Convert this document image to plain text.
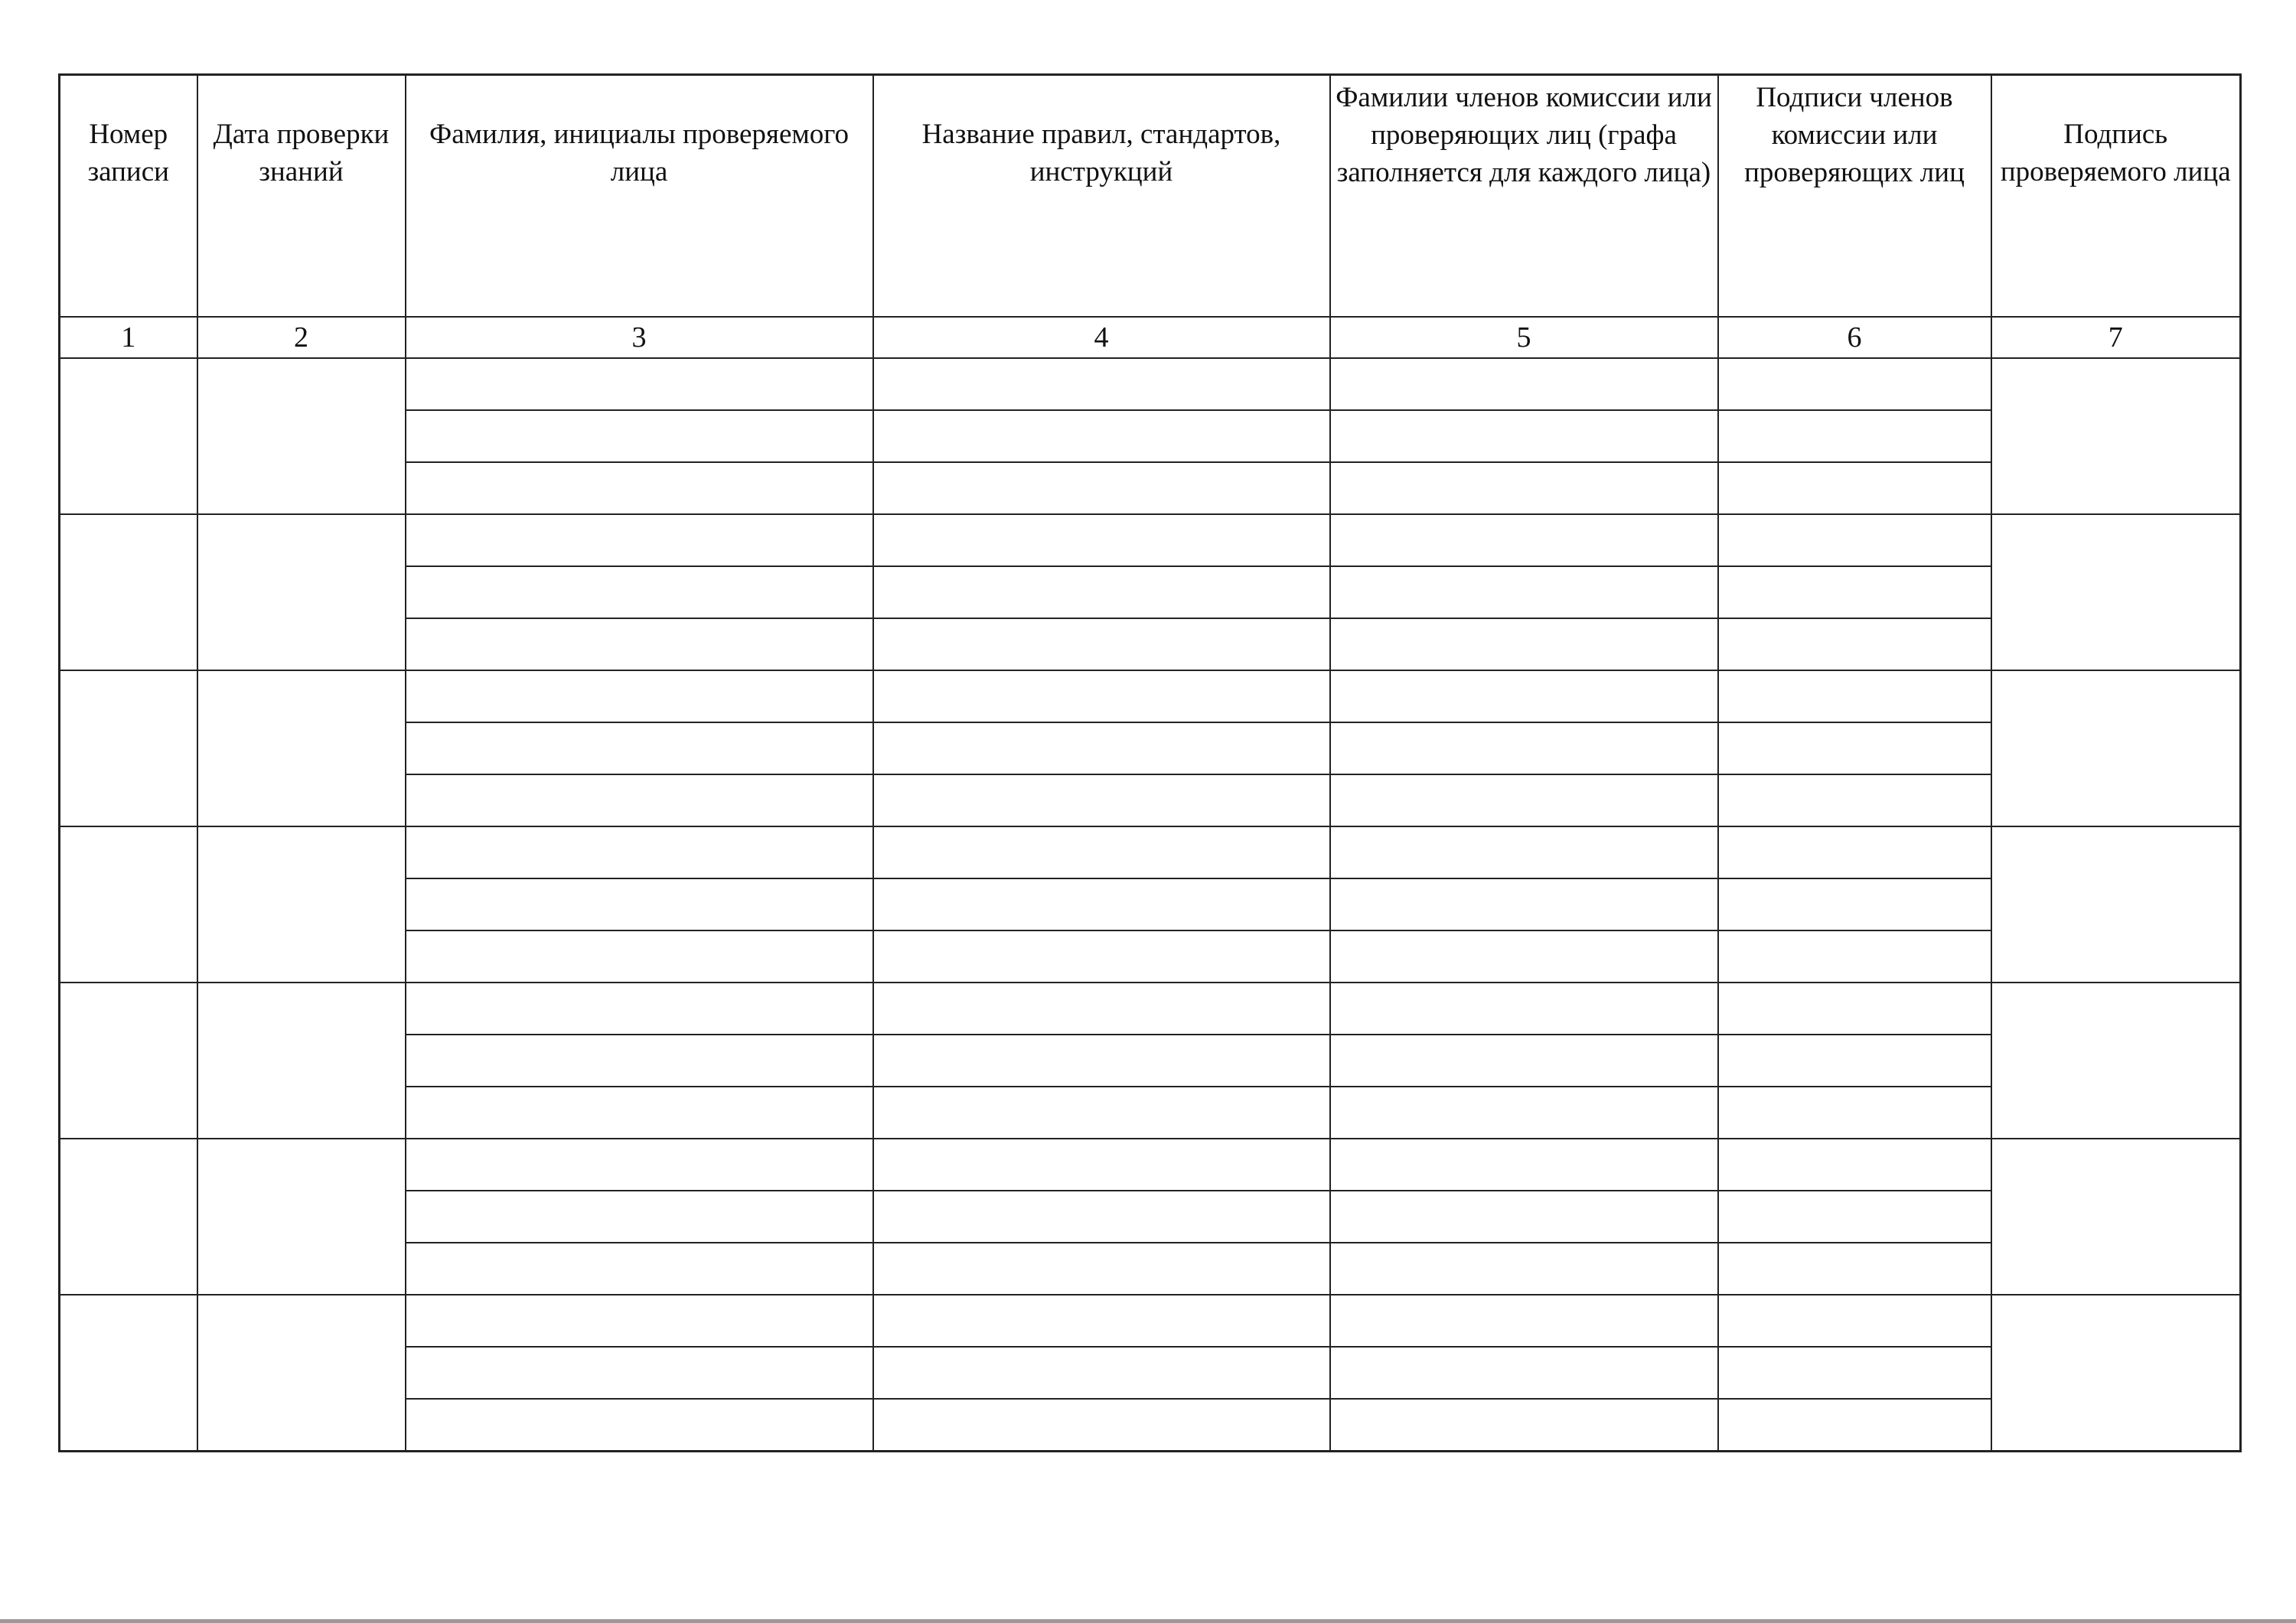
Номер записи	Дата проверки знаний	Фамилия, инициалы проверяемого лица	Название правил, стандартов, инструкций	Фамилии членов комиссии или проверяющих лиц (графа заполняется для каждого лица)	Подписи членов комиссии или проверяющих лиц	Подпись проверяемого лица
1	2	3	4	5	6	7
